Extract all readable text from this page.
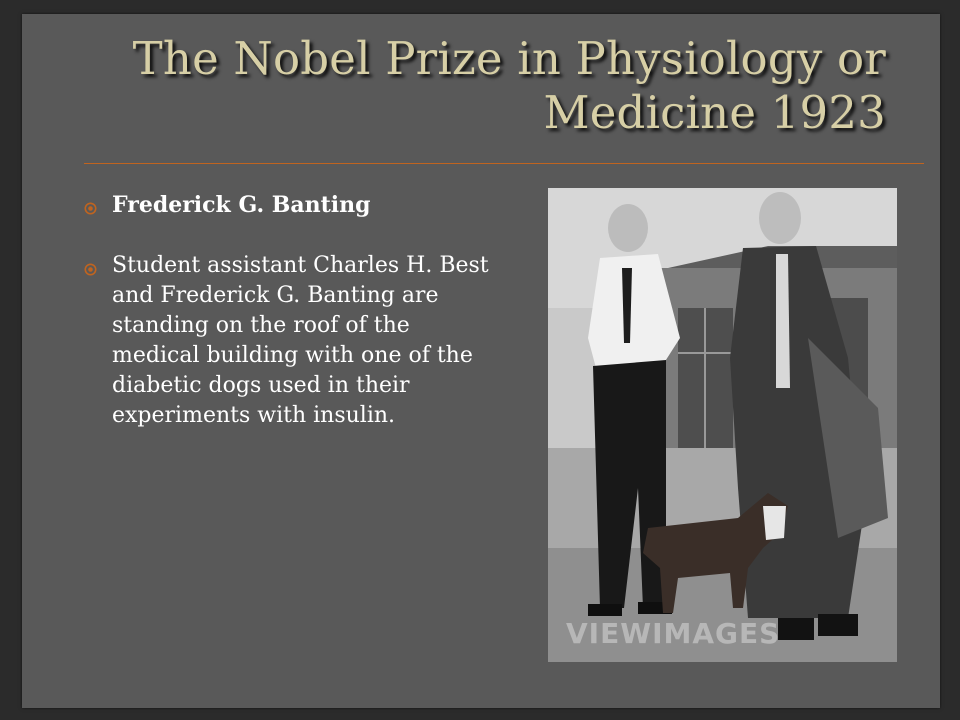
The Nobel Prize in Physiology or Medicine 1923
Frederick G. Banting
Student assistant Charles H. Best and Frederick G. Banting are standing on the roof of the medical building with one of the diabetic dogs used in their experiments with insulin.
VIEWIMAGES
